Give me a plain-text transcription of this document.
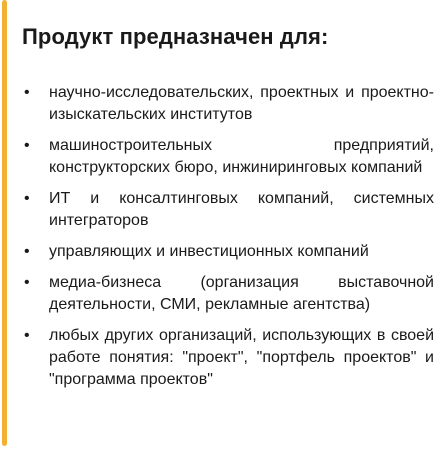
Продукт предназначен для:
• научно-исследовательских, проектных и проектно-изыскательских институтов
• машиностроительных предприятий, конструкторских бюро, инжиниринговых компаний
• ИТ и консалтинговых компаний, системных интеграторов
• управляющих и инвестиционных компаний
• медиа-бизнеса (организация выставочной деятельности, СМИ, рекламные агентства)
• любых других организаций, использующих в своей работе понятия: "проект", "портфель проектов" и "программа проектов"
